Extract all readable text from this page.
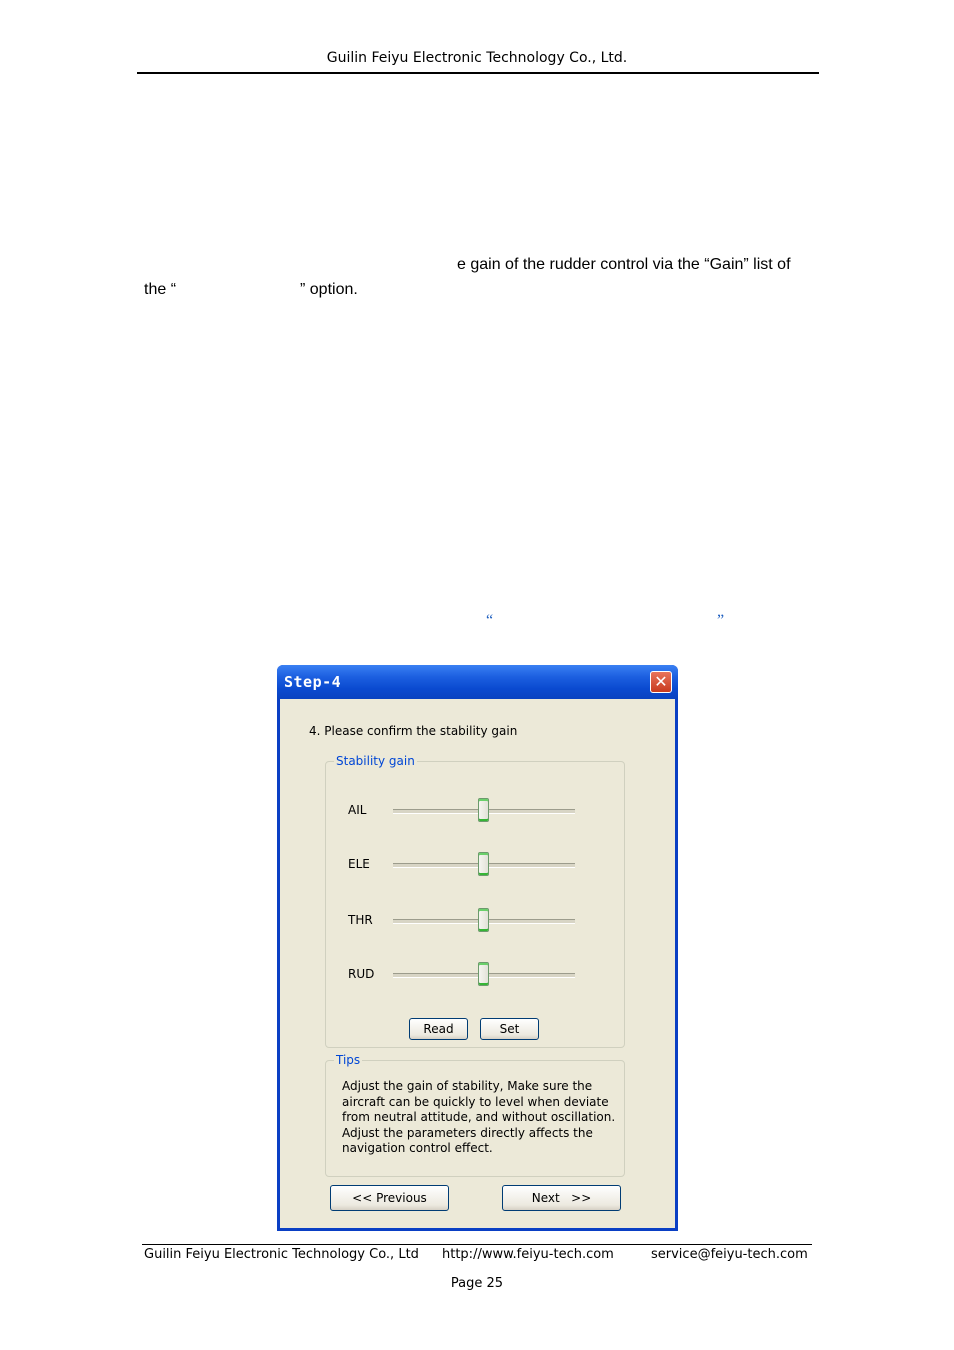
Guilin Feiyu Electronic Technology Co., Ltd.
e gain of the rudder control via the “Gain” list of
the “	” option.
“	”
Step-4	✕
4. Please confirm the stability gain
Stability gain
AIL
ELE
THR
RUD
Read	Set
Tips
Adjust the gain of stability, Make sure the aircraft can be quickly to level when deviate from neutral attitude, and without oscillation. Adjust the parameters directly affects the navigation control effect.
<< Previous	Next   >>
Guilin Feiyu Electronic Technology Co., Ltd http://www.feiyu-tech.com	service@feiyu-tech.com
Page 25
